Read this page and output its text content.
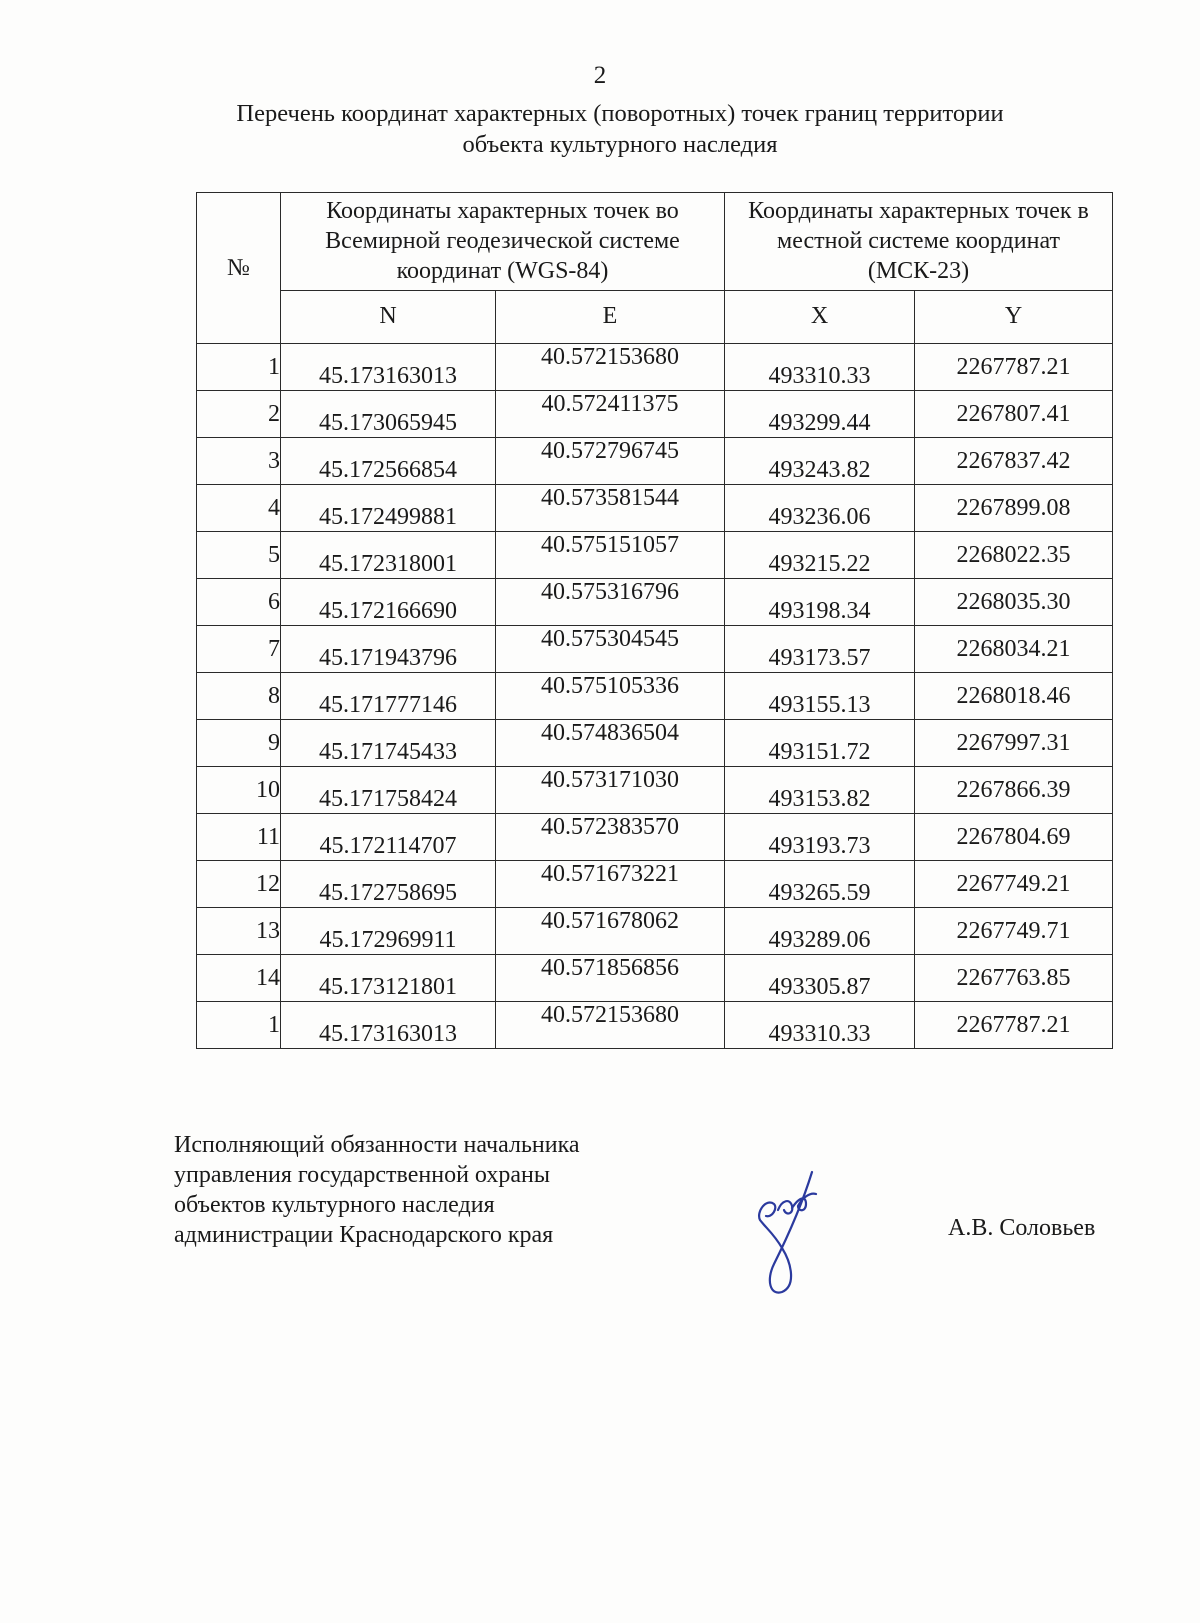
2
Перечень координат характерных (поворотных) точек границ территории
объекта культурного наследия
№	Координаты характерных точек во Всемирной геодезической системе координат (WGS-84)		Координаты характерных точек в местной системе координат (МСК-23)	
	N	E	X	Y
1	45.173163013	40.572153680	493310.33	2267787.21
2	45.173065945	40.572411375	493299.44	2267807.41
3	45.172566854	40.572796745	493243.82	2267837.42
4	45.172499881	40.573581544	493236.06	2267899.08
5	45.172318001	40.575151057	493215.22	2268022.35
6	45.172166690	40.575316796	493198.34	2268035.30
7	45.171943796	40.575304545	493173.57	2268034.21
8	45.171777146	40.575105336	493155.13	2268018.46
9	45.171745433	40.574836504	493151.72	2267997.31
10	45.171758424	40.573171030	493153.82	2267866.39
11	45.172114707	40.572383570	493193.73	2267804.69
12	45.172758695	40.571673221	493265.59	2267749.21
13	45.172969911	40.571678062	493289.06	2267749.71
14	45.173121801	40.571856856	493305.87	2267763.85
1	45.173163013	40.572153680	493310.33	2267787.21
Исполняющий обязанности начальника
управления государственной охраны
объектов культурного наследия
администрации Краснодарского края	А.В. Соловьев
